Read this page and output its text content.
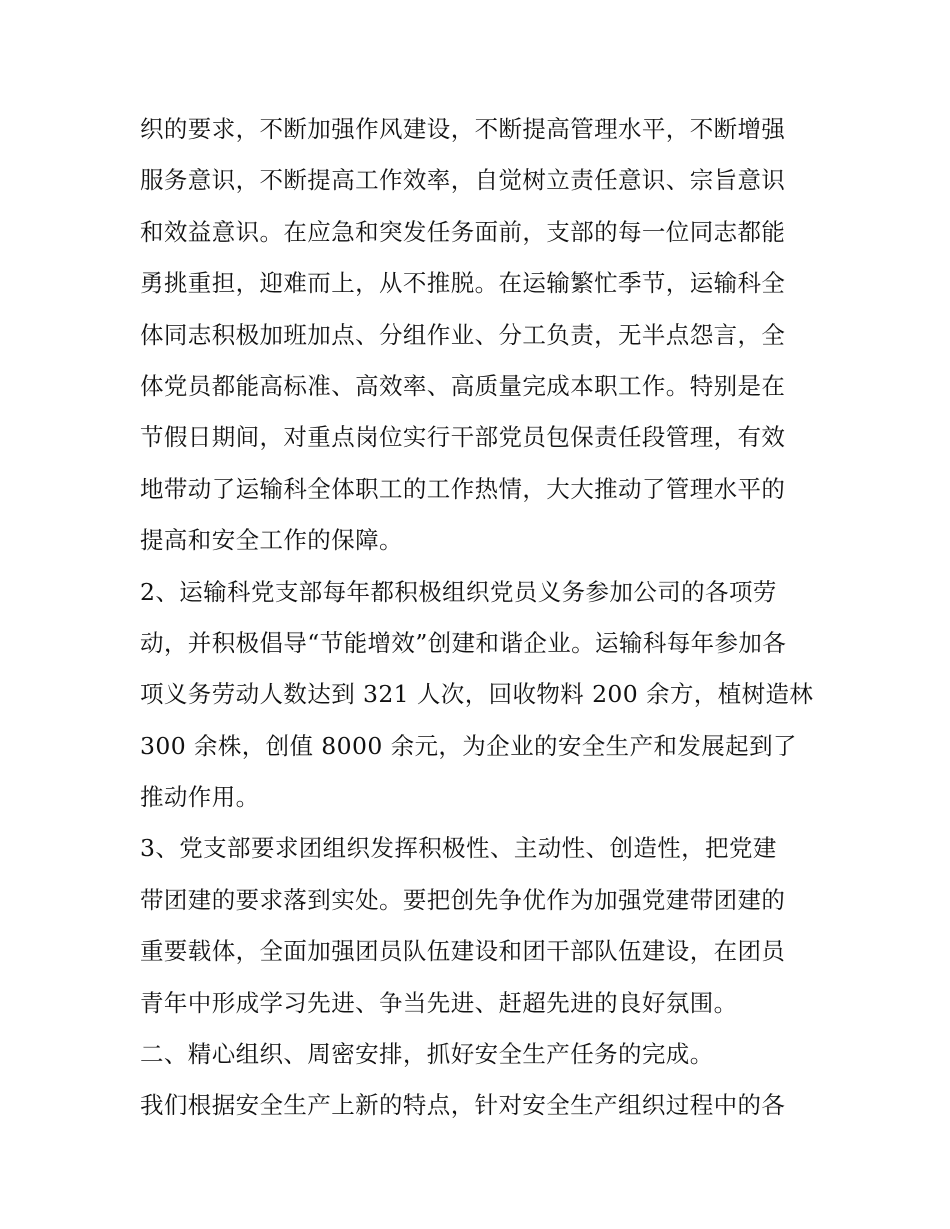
织的要求，不断加强作风建设，不断提高管理水平，不断增强
服务意识，不断提高工作效率，自觉树立责任意识、宗旨意识
和效益意识。在应急和突发任务面前，支部的每一位同志都能
勇挑重担，迎难而上，从不推脱。在运输繁忙季节，运输科全
体同志积极加班加点、分组作业、分工负责，无半点怨言，全
体党员都能高标准、高效率、高质量完成本职工作。特别是在
节假日期间，对重点岗位实行干部党员包保责任段管理，有效
地带动了运输科全体职工的工作热情，大大推动了管理水平的
提高和安全工作的保障。
2、运输科党支部每年都积极组织党员义务参加公司的各项劳
动，并积极倡导“节能增效”创建和谐企业。运输科每年参加各
项义务劳动人数达到 321 人次，回收物料 200 余方，植树造林
300 余株，创值 8000 余元，为企业的安全生产和发展起到了
推动作用。
3、党支部要求团组织发挥积极性、主动性、创造性，把党建
带团建的要求落到实处。要把创先争优作为加强党建带团建的
重要载体，全面加强团员队伍建设和团干部队伍建设，在团员
青年中形成学习先进、争当先进、赶超先进的良好氛围。
二、精心组织、周密安排，抓好安全生产任务的完成。
我们根据安全生产上新的特点，针对安全生产组织过程中的各
